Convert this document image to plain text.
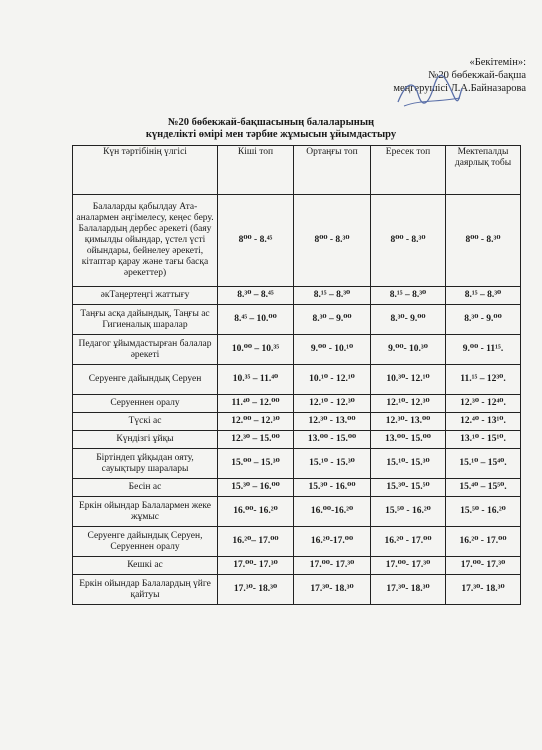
«Бекітемін»:
№20 бөбекжай-бақша
меңгерушісі Л.А.Байназарова
№20 бөбекжай-бақшасының балаларының
күнделікті өмірі мен тәрбие жұмысын ұйымдастыру
Күн тәртібінің үлгісі	Кіші топ	Ортаңғы топ	Ересек топ	Мектепалды даярлық тобы
Балаларды қабылдау Ата-аналармен әңгімелесу, кеңес беру. Балалардың дербес әрекеті (баяу қимылды ойындар, үстел үсті ойындары, бейнелеу әрекеті, кітаптар қарау және тағы басқа әрекеттер)	8⁰⁰ - 8.⁴⁵	8⁰⁰ - 8.³⁰	8⁰⁰ - 8.³⁰	8⁰⁰ - 8.³⁰
әкТаңертеңгі жаттығу	8.³⁰ – 8.⁴⁵	8.¹⁵ – 8.³⁰	8.¹⁵ – 8.³⁰	8.¹⁵ – 8.³⁰
Таңғы асқа дайындық, Таңғы ас Гигиеналық шаралар	8.⁴⁵ – 10.⁰⁰	8.³⁰ – 9.⁰⁰	8.³⁰- 9.⁰⁰	8.³⁰ - 9.⁰⁰
Педагог ұйымдастырған балалар әрекеті	10.⁰⁰ – 10.³⁵	9.⁰⁰ - 10.¹⁰	9.⁰⁰- 10.³⁰	9.⁰⁰ - 11¹⁵.
Серуенге дайындық Серуен	10.³⁵ – 11.⁴⁰	10.¹⁰ - 12.¹⁰	10.³⁰- 12.¹⁰	11.¹⁵ – 12³⁰.
Серуеннен оралу	11.⁴⁰ – 12.⁰⁰	12.¹⁰ - 12.³⁰	12.¹⁰- 12.³⁰	12.³⁰ - 12⁴⁰.
Түскі ас	12.⁰⁰ – 12.³⁰	12.³⁰ - 13.⁰⁰	12.³⁰- 13.⁰⁰	12.⁴⁰ - 13¹⁰.
Күндізгі ұйқы	12.³⁰ – 15.⁰⁰	13.⁰⁰ - 15.⁰⁰	13.⁰⁰- 15.⁰⁰	13.¹⁰ - 15¹⁰.
Біртіндеп ұйқыдан ояту, сауықтыру шаралары	15.⁰⁰ – 15.³⁰	15.¹⁰ - 15.³⁰	15.¹⁰- 15.³⁰	15.¹⁰ – 15⁴⁰.
Бесін ас	15.³⁰ – 16.⁰⁰	15.³⁰ - 16.⁰⁰	15.³⁰- 15.⁵⁰	15.⁴⁰ – 15⁵⁰.
Еркін ойындар Балалармен жеке жұмыс	16.⁰⁰- 16.²⁰	16.⁰⁰-16.²⁰	15.⁵⁰ - 16.²⁰	15.⁵⁰ - 16.²⁰
Серуенге дайындық Серуен, Серуеннен оралу	16.²⁰– 17.⁰⁰	16.²⁰-17.⁰⁰	16.²⁰ - 17.⁰⁰	16.²⁰ - 17.⁰⁰
Кешкі ас	17.⁰⁰- 17.³⁰	17.⁰⁰- 17.³⁰	17.⁰⁰- 17.³⁰	17.⁰⁰- 17.³⁰
Еркін ойындар Балалардың үйге қайтуы	17.³⁰- 18.³⁰	17.³⁰- 18.³⁰	17.³⁰- 18.³⁰	17.³⁰- 18.³⁰
